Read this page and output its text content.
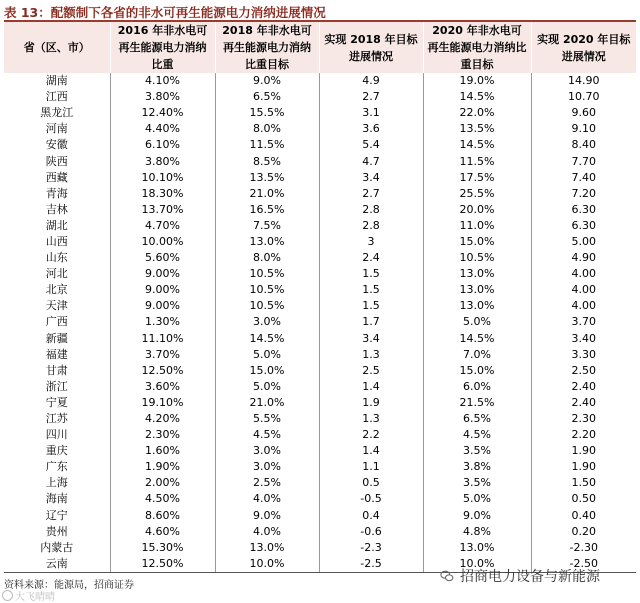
表 13：配额制下各省的非水可再生能源电力消纳进展情况
省（区、市）	2016 年非水电可再生能源电力消纳比重	2018 年非水电可再生能源电力消纳比重目标	实现 2018 年目标进展情况	2020 年非水电可再生能源电力消纳比重目标	实现 2020 年目标进展情况
湖南	4.10%	9.0%	4.9	19.0%	14.90
江西	3.80%	6.5%	2.7	14.5%	10.70
黑龙江	12.40%	15.5%	3.1	22.0%	9.60
河南	4.40%	8.0%	3.6	13.5%	9.10
安徽	6.10%	11.5%	5.4	14.5%	8.40
陕西	3.80%	8.5%	4.7	11.5%	7.70
西藏	10.10%	13.5%	3.4	17.5%	7.40
青海	18.30%	21.0%	2.7	25.5%	7.20
吉林	13.70%	16.5%	2.8	20.0%	6.30
湖北	4.70%	7.5%	2.8	11.0%	6.30
山西	10.00%	13.0%	3	15.0%	5.00
山东	5.60%	8.0%	2.4	10.5%	4.90
河北	9.00%	10.5%	1.5	13.0%	4.00
北京	9.00%	10.5%	1.5	13.0%	4.00
天津	9.00%	10.5%	1.5	13.0%	4.00
广西	1.30%	3.0%	1.7	5.0%	3.70
新疆	11.10%	14.5%	3.4	14.5%	3.40
福建	3.70%	5.0%	1.3	7.0%	3.30
甘肃	12.50%	15.0%	2.5	15.0%	2.50
浙江	3.60%	5.0%	1.4	6.0%	2.40
宁夏	19.10%	21.0%	1.9	21.5%	2.40
江苏	4.20%	5.5%	1.3	6.5%	2.30
四川	2.30%	4.5%	2.2	4.5%	2.20
重庆	1.60%	3.0%	1.4	3.5%	1.90
广东	1.90%	3.0%	1.1	3.8%	1.90
上海	2.00%	2.5%	0.5	3.5%	1.50
海南	4.50%	4.0%	-0.5	5.0%	0.50
辽宁	8.60%	9.0%	0.4	9.0%	0.40
贵州	4.60%	4.0%	-0.6	4.8%	0.20
内蒙古	15.30%	13.0%	-2.3	13.0%	-2.30
云南	12.50%	10.0%	-2.5	10.0%	-2.50
资料来源：能源局，招商证券
招商电力设备与新能源
大飞晴晴
